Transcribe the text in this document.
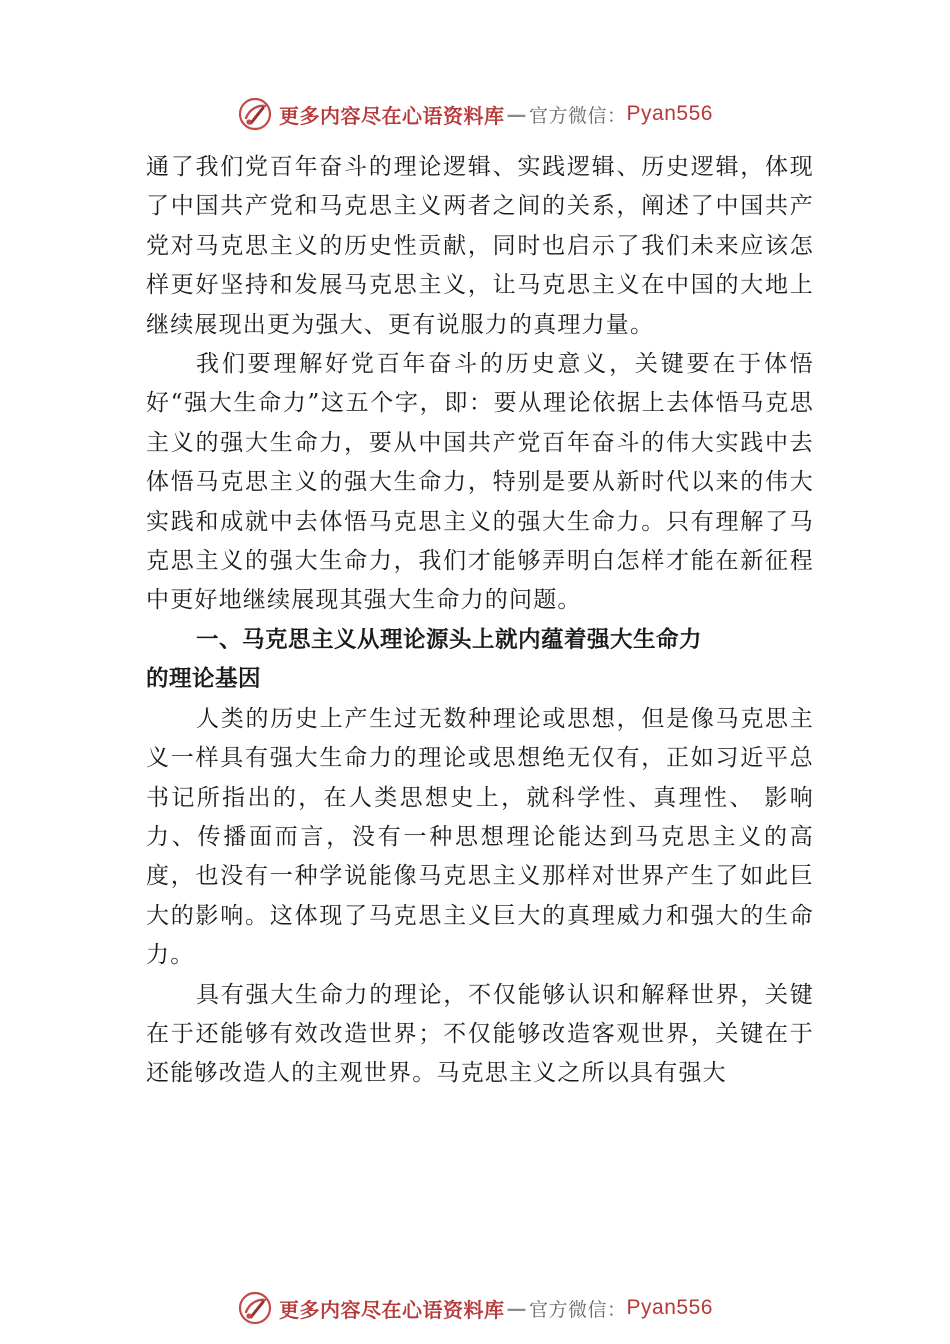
更多内容尽在心语资料库 — 官方微信： Pyan556

通了我们党百年奋斗的理论逻辑、实践逻辑、历史逻辑，体现了中国共产党和马克思主义两者之间的关系，阐述了中国共产党对马克思主义的历史性贡献，同时也启示了我们未来应该怎样更好坚持和发展马克思主义，让马克思主义在中国的大地上继续展现出更为强大、更有说服力的真理力量。

我们要理解好党百年奋斗的历史意义，关键要在于体悟好“强大生命力”这五个字，即：要从理论依据上去体悟马克思主义的强大生命力，要从中国共产党百年奋斗的伟大实践中去体悟马克思主义的强大生命力，特别是要从新时代以来的伟大实践和成就中去体悟马克思主义的强大生命力。只有理解了马克思主义的强大生命力，我们才能够弄明白怎样才能在新征程中更好地继续展现其强大生命力的问题。

一、马克思主义从理论源头上就内蕴着强大生命力
的理论基因

人类的历史上产生过无数种理论或思想，但是像马克思主义一样具有强大生命力的理论或思想绝无仅有，正如习近平总书记所指出的，在人类思想史上，就科学性、真理性、 影响力、传播面而言，没有一种思想理论能达到马克思主义的高度，也没有一种学说能像马克思主义那样对世界产生了如此巨大的影响。这体现了马克思主义巨大的真理威力和强大的生命力。

具有强大生命力的理论，不仅能够认识和解释世界，关键在于还能够有效改造世界；不仅能够改造客观世界，关键在于还能够改造人的主观世界。马克思主义之所以具有强大

更多内容尽在心语资料库 — 官方微信： Pyan556
